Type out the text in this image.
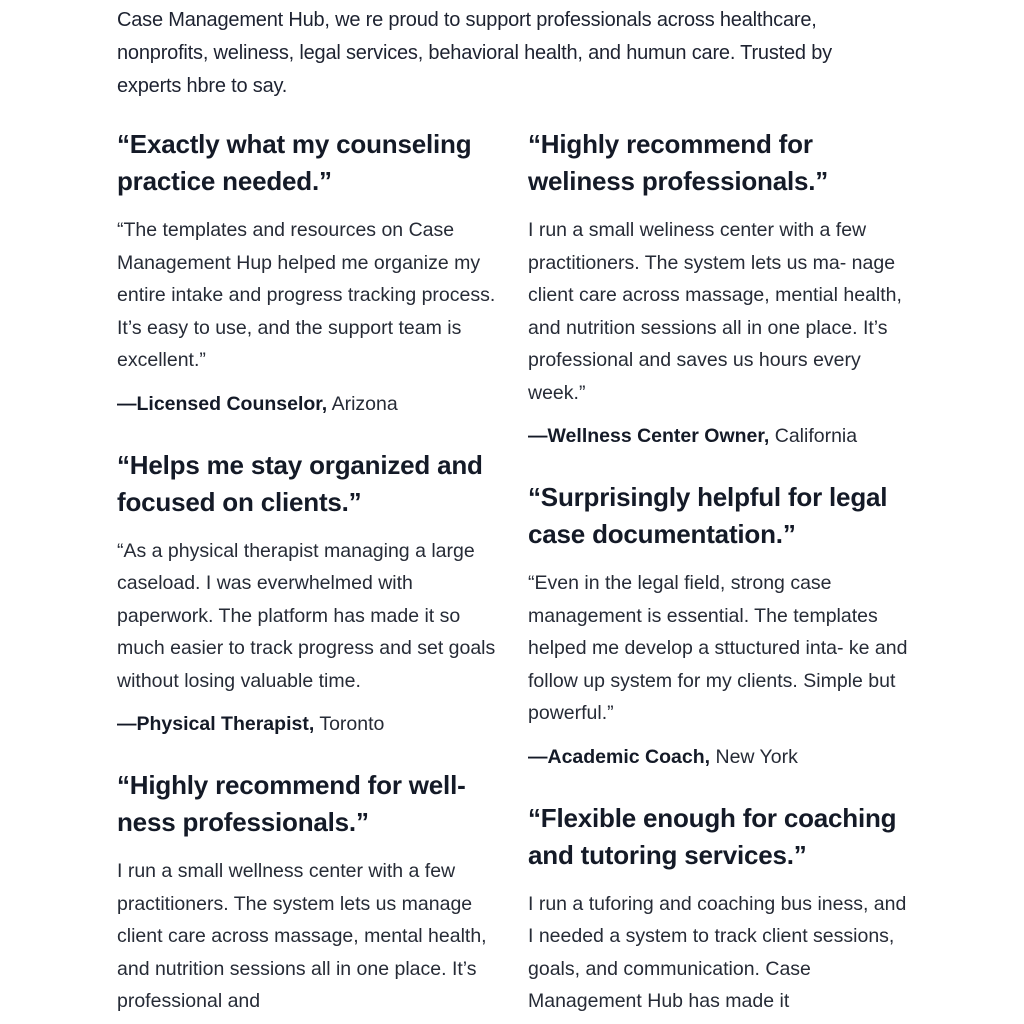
Case Management Hub, we re proud to support professionals across healthcare, nonprofits, weliness, legal services, behavioral health, and humun care. Trusted by experts hbre to say.

“Exactly what my counseling practice needed.”

“The templates and resources on Case Management Hup helped me organize my entire intake and progress tracking process. It’s easy to use, and the support team is excellent.”

—Licensed Counselor, Arizona

“Helps me stay organized and focused on clients.”

“As a physical therapist managing a large caseload. I was everwhelmed with paperwork. The platform has made it so much easier to track progress and set goals without losing valuable time.

—Physical Therapist, Toronto

“Highly recommend for well- ness professionals.”

I run a small wellness center with a few practitioners. The system lets us manage client care across massage, mental health, and nutrition sessions all in one place. It’s professional and

“Highly recommend for weliness professionals.”

I run a small weliness center with a few practitioners. The system lets us ma- nage client care across massage, mential health, and nutrition sessions all in one place. It’s professional and saves us hours every week.”

—Wellness Center Owner, California

“Surprisingly helpful for legal case documentation.”

“Even in the legal field, strong case management is essential. The templates helped me develop a sttuctured inta- ke and follow up system for my clients. Simple but powerful.”

—Academic Coach, New York

“Flexible enough for coaching and tutoring services.”

I run a tuforing and coaching bus iness, and I needed a system to track client sessions, goals, and communication. Case Management Hub has made it
